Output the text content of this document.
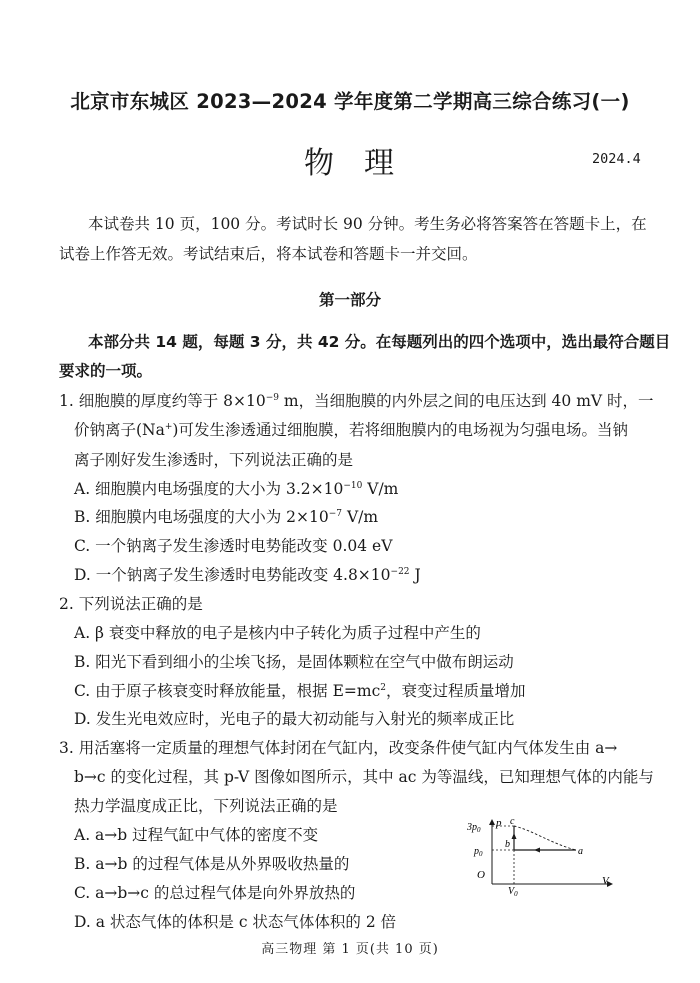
北京市东城区 2023—2024 学年度第二学期高三综合练习(一)
物理	2024.4
本试卷共 10 页，100 分。考试时长 90 分钟。考生务必将答案答在答题卡上，在
试卷上作答无效。考试结束后，将本试卷和答题卡一并交回。
第一部分
本部分共 14 题，每题 3 分，共 42 分。在每题列出的四个选项中，选出最符合题目
要求的一项。
1. 细胞膜的厚度约等于 $8\times 10^{-9}$ m，当细胞膜的内外层之间的电压达到 40 mV 时，一
价钠离子(Na+)可发生渗透通过细胞膜，若将细胞膜内的电场视为匀强电场。当钠
离子刚好发生渗透时，下列说法正确的是
A. 细胞膜内电场强度的大小为 $3.2\times 10^{-10}$ V/m
B. 细胞膜内电场强度的大小为 $2\times 10^{-7}$ V/m
C. 一个钠离子发生渗透时电势能改变 0.04 eV
D. 一个钠离子发生渗透时电势能改变 $4.8\times 10^{-22}$ J
2. 下列说法正确的是
A. β 衰变中释放的电子是核内中子转化为质子过程中产生的
B. 阳光下看到细小的尘埃飞扬，是固体颗粒在空气中做布朗运动
C. 由于原子核衰变时释放能量，根据 $E=mc^2$，衰变过程质量增加
D. 发生光电效应时，光电子的最大初动能与入射光的频率成正比
3. 用活塞将一定质量的理想气体封闭在气缸内，改变条件使气缸内气体发生由 a→
b→c 的变化过程，其 p-V 图像如图所示，其中 ac 为等温线，已知理想气体的内能与
热力学温度成正比，下列说法正确的是
A. a→b 过程气缸中气体的密度不变
B. a→b 的过程气体是从外界吸收热量的
C. a→b→c 的总过程气体是向外界放热的
D. a 状态气体的体积是 c 状态气体体积的 2 倍
p
V
O
$3p_0$
$p_0$
$V_0$
a
b
c
高三物理 第 1 页(共 10 页)
